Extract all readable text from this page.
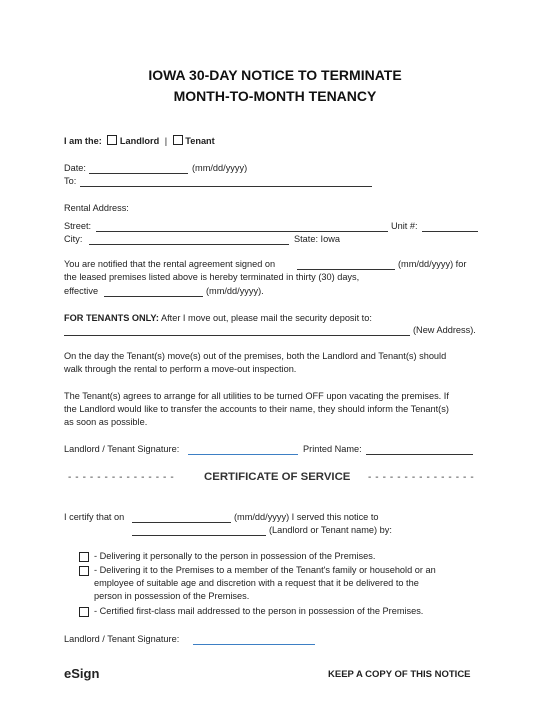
IOWA 30-DAY NOTICE TO TERMINATE
MONTH-TO-MONTH TENANCY
I am the: Landlord | Tenant
Date:	(mm/dd/yyyy)
To:
Rental Address:
Street:	Unit #:
City:	State: Iowa
You are notified that the rental agreement signed on	(mm/dd/yyyy) for
the leased premises listed above is hereby terminated in thirty (30) days,
effective	(mm/dd/yyyy).
FOR TENANTS ONLY: After I move out, please mail the security deposit to:
(New Address).
On the day the Tenant(s) move(s) out of the premises, both the Landlord and Tenant(s) should
walk through the rental to perform a move-out inspection.
The Tenant(s) agrees to arrange for all utilities to be turned OFF upon vacating the premises. If
the Landlord would like to transfer the accounts to their name, they should inform the Tenant(s)
as soon as possible.
Landlord / Tenant Signature:	Printed Name:
- - - - - - - - - - - - - - -	CERTIFICATE OF SERVICE - - - - - - - - - - - - - - -
I certify that on	(mm/dd/yyyy) I served this notice to
(Landlord or Tenant name) by:
- Delivering it personally to the person in possession of the Premises.
- Delivering it to the Premises to a member of the Tenant's family or household or an
employee of suitable age and discretion with a request that it be delivered to the
person in possession of the Premises.
- Certified first-class mail addressed to the person in possession of the Premises.
Landlord / Tenant Signature:
eSign	KEEP A COPY OF THIS NOTICE
